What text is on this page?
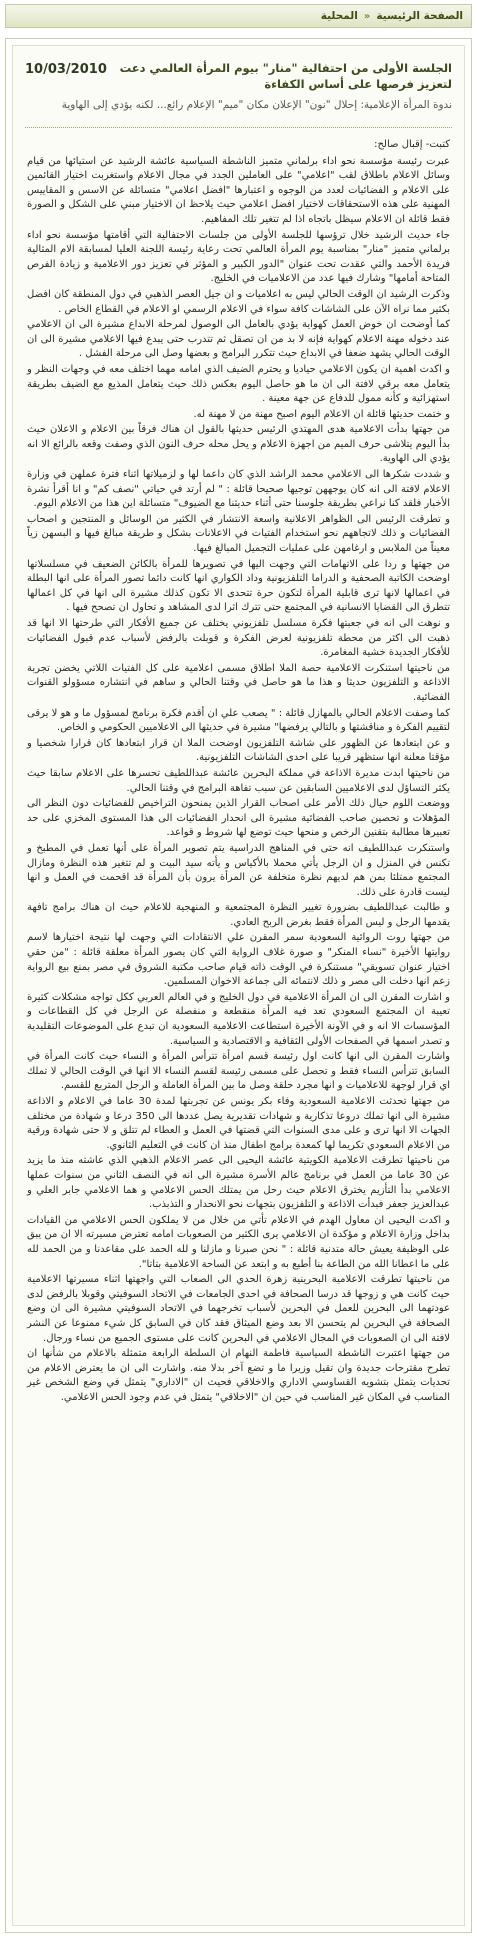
الصفحة الرئيسية
«
المحلية
10/03/2010	الجلسة الأولى من احتفالية "منار" بيوم المرأة العالمي دعت لتعزيز فرصها على أساس الكفاءة
ندوة المرأة الإعلامية: إحلال "نون" الإعلان مكان "ميم" الإعلام رائع... لكنه يؤدي إلى الهاوية

كتبت- إقبال صالح:

عبرت رئيسة مؤسسة نحو اداء برلماني متميز الناشطة السياسية عائشة الرشيد عن استيائها من قيام وسائل الاعلام باطلاق لقب "اعلامي" على العاملين الجدد في مجال الاعلام واستغربت اختيار القائمين على الاعلام و الفضائيات لعدد من الوجوه و اعتبارها "افضل اعلامي" متسائلة عن الاسس و المقاييس المهنية على هذه الاستحقاقات لاختيار افضل اعلامي حيث يلاحظ ان الاختيار مبني على الشكل و الصورة فقط قائلة ان الاعلام سيظل باتجاه اذا لم تتغير تلك المفاهيم.

جاء حديث الرشيد خلال ترؤسها للجلسة الأولى من جلسات الاحتفالية التي أقامتها مؤسسة نحو اداء برلماني متميز "منار" بمناسبة يوم المرأة العالمي تحت رعاية رئيسة اللجنة العليا لمسابقة الام المثالية فريدة الأحمد والتي عقدت تحت عنوان "الدور الكبير و المؤثر في تعزيز دور الاعلامية و زيادة الفرص المتاحة أمامها" وشارك فيها عدد من الاعلاميات في الخليج.

وذكرت الرشيد ان الوقت الحالي ليس به اعلاميات و ان جيل العصر الذهبي في دول المنطقة كان افضل بكثير مما نراه الآن على الشاشات كافة سواء في الاعلام الرسمي او الاعلام في القطاع الخاص .

كما أوضحت ان خوض العمل كهواية يؤدي بالعامل الى الوصول لمرحلة الابداع مشيرة الى ان الاعلامي عند دخوله مهنة الاعلام كهواية فإنه لا بد من ان تصقل ثم تتدرب حتى يبدع فيها الاعلامي مشيرة الى ان الوقت الحالي يشهد ضعفا في الابداع حيث تتكرر البرامج و بعضها وصل الى مرحلة الفشل .

و اكدت اهمية ان يكون الاعلامي حياديا و يحترم الضيف الذي امامه مهما اختلف معه في وجهات النظر و يتعامل معه برقي لافتة الى ان ما هو حاصل اليوم بعكس ذلك حيث يتعامل المذيع مع الضيف بطريقة استهزائية و كأنه ممول للدفاع عن جهة معينة .

و ختمت حديثها قائلة ان الاعلام اليوم اصبح مهنة من لا مهنة له.

من جهتها بدأت الاعلامية هدى المهتدي الرئيس حديثها بالقول ان هناك فرقاً بين الاعلام و الاعلان حيث بدأ اليوم يتلاشى حرف الميم من اجهزة الاعلام و يحل محله حرف النون الذي وصفت وقعه بالرائع الا انه يؤدي الى الهاوية.

و شددت شكرها الى الاعلامي محمد الراشد الذي كان داعما لها و لزميلاتها اثناء فترة عملهن في وزارة الاعلام لافتة الى انه كان يوجههن توجيها صحيحا قائلة : " لم أرتد في حياتي "نصف كم" و انا أقرأ نشرة الأخبار فلقد كنا نراعي بطريقة جلوسنا حتى أثناء حديثنا مع الضيوف" متسائلة اين هذا من الاعلام اليوم.

و تطرقت الرئيس الى الظواهر الاعلانية واسعة الانتشار في الكثير من الوسائل و المنتجين و اصحاب الفضائيات و ذلك لاتجاههم نحو استخدام الفتيات في الاعلانات بشكل و طريقة مبالغ فيها و البسهن زياً معيناً من الملابس و ارغامهن على عمليات التجميل المبالغ فيها.

من جهتها و ردا على الاتهامات التي وجهت اليها في تصويرها للمرأة بالكائن الضعيف في مسلسلاتها اوضحت الكاتبة الصحفية و الدراما التلفزيونية وداد الكواري انها كانت دائما تصور المرأة على انها البطلة في اعمالها لانها ترى قابلية المرأة لتكون حرة تتحدى الا تكون كذلك مشيرة الى انها في كل اعمالها تتطرق الى القضايا الانسانية في المجتمع حتى تترك اثرا لدى المشاهد و تحاول ان تصحح فيها .

و نوهت الى انه في جعبتها فكرة مسلسل تلفزيوني يختلف عن جميع الأفكار التي طرحتها الا انها قد ذهبت الى اكثر من محطة تلفزيونية لعرض الفكرة و قوبلت بالرفض لأسباب عدم قبول الفضائيات للأفكار الجديدة خشية المغامرة.

من ناحيتها استنكرت الاعلامية حصة الملا اطلاق مسمى اعلامية على كل الفتيات اللاتي يخضن تجربة الاذاعة و التلفزيون حديثا و هذا ما هو حاصل في وقتنا الحالي و ساهم في انتشاره مسؤولو القنوات الفضائية.

كما وصفت الاعلام الحالي بالمهازل قائلة : " يصعب علي ان أقدم فكرة برنامج لمسؤول ما و هو لا يرقى لتقييم الفكرة و مناقشتها و بالتالي يرفضها" مشيرة في حديثها الى الاعلاميين الحكومي و الخاص.

و عن ابتعادها عن الظهور على شاشة التلفزيون اوضحت الملا ان قرار ابتعادها كان قرارا شخصيا و مؤقتا معلنة انها ستظهر قريبا على احدى الشاشات التلفزيونية.

من ناحيتها ابدت مديرة الاذاعة في مملكة البحرين عائشة عبداللطيف تحسرها على الاعلام سابقا حيث يكثر التساؤل لدى الاعلاميين السابقين عن سبب تفاهة البرامج في وقتنا الحالي.

ووضعت اللوم حيال ذلك الأمر على اصحاب القرار الذين يمنحون التراخيص للفضائيات دون النظر الى المؤهلات و تحصين صاحب الفضائية مشيرة الى انحدار الفضائيات الى هذا المستوى المخزي على حد تعبيرها مطالبة بتقنين الرخص و منحها حيث توضع لها شروط و قواعد.

واستنكرت عبداللطيف انه حتى في المناهج الدراسية يتم تصوير المرأة على أنها تعمل في المطبخ و تكنس في المنزل و ان الرجل يأتي محملا بالأكياس و يأته سيد البيت و لم تتغير هذه النظرة ومازال المجتمع ممتلئا بمن هم لديهم نظرة متخلفة عن المرأة يرون بأن المرأة قد اقحمت في العمل و انها ليست قادرة على ذلك.

و طالبت عبداللطيف بضرورة تغيير النظرة المجتمعية و المنهجية للاعلام حيث ان هناك برامج تافهة يقدمها الرجل و ليس المرأة فقط بغرض الربح العادي.

من جهتها روت الروائية السعودية سمر المقرن علي الانتقادات التي وجهت لها نتيجة اختيارها لاسم روايتها الأخيرة "نساء المنكر" و صورة غلاف الرواية التي كان يصور المرأة معلقة قائلة : "من حقي اختيار عنوان تسويقي" مستنكرة في الوقت ذاته قيام صاحب مكتبة الشروق في مصر بمنع بيع الرواية زعم انها دخلت الى مصر و ذلك لانتمائه الى جماعة الاخوان المسلمين.

و اشارت المقرن الى ان المرأة الاعلامية في دول الخليج و في العالم العربي ككل تواجه مشكلات كثيرة تعيبة ان المجتمع السعودي تعد فيه المرأة منقطعة و منفصلة عن الرجل في كل القطاعات و المؤسسات الا انه و في الآونة الأخيرة استطاعت الاعلامية السعودية ان تبدع على الموضوعات التقليدية و تصدر اسمها في الصفحات الأولى الثقافية و الاقتصادية و السياسية.

واشارت المقرن الى انها كانت اول رئيسة قسم امرأة تترأس المرأة و النساء حيث كانت المرأة في السابق تترأس النساء فقط و تحصل على مسمى رئيسة لقسم النساء الا انها في الوقت الحالي لا تملك اي قرار لوجهة للاعلاميات و انها مجرد حلقة وصل ما بين المرأة العاملة و الرجل المتربع للقسم.

من جهتها تحدثت الاعلامية السعودية وفاء بكر يونس عن تجربتها لمدة 30 عاما في الاعلام و الاذاعة مشيرة الى انها تملك دروعا تذكارية و شهادات تقديرية يصل عددها الى 350 درعا و شهادة من مختلف الجهات الا انها ترى و على مدى السنوات التي قضتها في العمل و العطاء لم تتلق و لا حتى شهادة ورقية من الاعلام السعودي تكريما لها كمعدة برامج اطفال منذ ان كانت في التعليم الثانوي.

من ناحيتها تطرقت الاعلامية الكويتية عائشة اليحيى الى عصر الاعلام الذهبي الذي عاشته منذ ما يزيد عن 30 عاما من العمل في برنامج عالم الأسرة مشيرة الى انه في النصف الثاني من سنوات عملها الاعلامي بدأ التأزيم يخترق الاعلام حيث رحل من يمتلك الحس الاعلامي و هما الاعلامي جابر العلي و عبدالعزيز جعفر فبدأت الاذاعة و التلفزيون بتجهات نحو الانحدار و التذبذب.

و اكدت اليحيى ان معاول الهدم في الاعلام تأتي من خلال من لا يملكون الحس الاعلامي من القيادات بداخل وزارة الاعلام و مؤكدة ان الاعلامي يرى الكثير من الصعوبات امامه تعترض مسيرته الا ان من يبق على الوظيفة يعيش حالة متدنية قائلة : " نحن صبرنا و مازلنا و لله الحمد على مقاعدنا و من الحمد لله على ما اعطانا الله من الطاعة بنا أطيع به و ابتعد عن الساحة الاعلامية بتاتا".

من ناحيتها تطرقت الاعلامية البحرينية زهرة الحدي الى الصعاب التي واجهتها اثناء مسيرتها الاعلامية حيث كانت هي و زوجها قد درسا الصحافة في احدى الجامعات في الاتحاد السوفيتي وقوبلا بالرفض لدى عودتهما الى البحرين للعمل في البحرين لأسباب تخرجهما في الاتحاد السوفيتي مشيرة الى ان وضع الصحافة في البحرين لم يتحسن الا بعد وضع الميثاق فقد كان في السابق كل شيء ممنوعا عن النشر لافتة الى ان الصعوبات في المجال الاعلامي في البحرين كانت على مستوى الجميع من نساء ورجال.

من جهتها اعتبرت الناشطة السياسية فاطمة النهام ان السلطة الرابعة متمثلة بالاعلام من شأنها ان تطرح مقترحات جديدة وان تقيل وزيرا ما و تضع آخر بدلا منه. واشارت الى ان ما يعترض الاعلام من تحديات يتمثل بتشويه القساوسي الاداري والاخلاقي فحيث ان "الاداري" يتمثل في وضع الشخص غير المناسب في المكان غير المناسب في حين ان "الاخلاقي" يتمثل في عدم وجود الحس الاعلامي.
